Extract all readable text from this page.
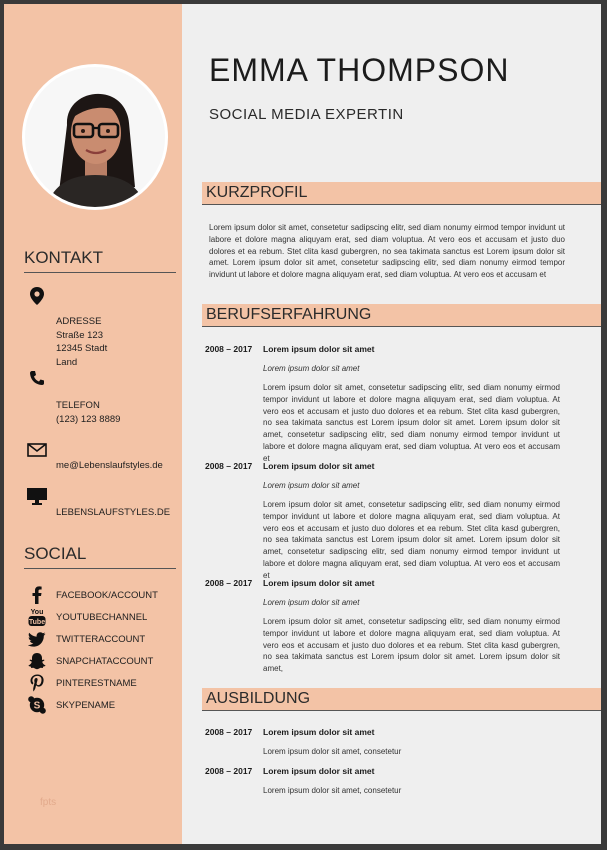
KONTAKT
ADRESSE
Straße 123
12345 Stadt
Land
TELEFON
(123) 123 8889
me@Lebenslaufstyles.de
LEBENSLAUFSTYLES.DE
SOCIAL
FACEBOOK/ACCOUNT
You
Tube YOUTUBECHANNEL
TWITTERACCOUNT
SNAPCHATACCOUNT
PINTERESTNAME
S SKYPENAME
fpts
EMMA THOMPSON
SOCIAL MEDIA EXPERTIN
KURZPROFIL
Lorem ipsum dolor sit amet, consetetur sadipscing elitr, sed diam nonumy eirmod tempor invidunt ut labore et dolore magna aliquyam erat, sed diam voluptua. At vero eos et accusam et justo duo dolores et ea rebum. Stet clita kasd gubergren, no sea takimata sanctus est Lorem ipsum dolor sit amet. Lorem ipsum dolor sit amet, consetetur sadipscing elitr, sed diam nonumy eirmod tempor invidunt ut labore et dolore magna aliquyam erat, sed diam voluptua. At vero eos et accusam et
BERUFSERFAHRUNG
2008 – 2017 Lorem ipsum dolor sit amet
Lorem ipsum dolor sit amet
Lorem ipsum dolor sit amet, consetetur sadipscing elitr, sed diam nonumy eirmod tempor invidunt ut labore et dolore magna aliquyam erat, sed diam voluptua. At vero eos et accusam et justo duo dolores et ea rebum. Stet clita kasd gubergren, no sea takimata sanctus est Lorem ipsum dolor sit amet. Lorem ipsum dolor sit amet, consetetur sadipscing elitr, sed diam nonumy eirmod tempor invidunt ut labore et dolore magna aliquyam erat, sed diam voluptua. At vero eos et accusam et
2008 – 2017 Lorem ipsum dolor sit amet
Lorem ipsum dolor sit amet
Lorem ipsum dolor sit amet, consetetur sadipscing elitr, sed diam nonumy eirmod tempor invidunt ut labore et dolore magna aliquyam erat, sed diam voluptua. At vero eos et accusam et justo duo dolores et ea rebum. Stet clita kasd gubergren, no sea takimata sanctus est Lorem ipsum dolor sit amet. Lorem ipsum dolor sit amet, consetetur sadipscing elitr, sed diam nonumy eirmod tempor invidunt ut labore et dolore magna aliquyam erat, sed diam voluptua. At vero eos et accusam et
2008 – 2017 Lorem ipsum dolor sit amet
Lorem ipsum dolor sit amet
Lorem ipsum dolor sit amet, consetetur sadipscing elitr, sed diam nonumy eirmod tempor invidunt ut labore et dolore magna aliquyam erat, sed diam voluptua. At vero eos et accusam et justo duo dolores et ea rebum. Stet clita kasd gubergren, no sea takimata sanctus est Lorem ipsum dolor sit amet. Lorem ipsum dolor sit amet,
AUSBILDUNG
2008 – 2017 Lorem ipsum dolor sit amet
Lorem ipsum dolor sit amet, consetetur
2008 – 2017 Lorem ipsum dolor sit amet
Lorem ipsum dolor sit amet, consetetur
